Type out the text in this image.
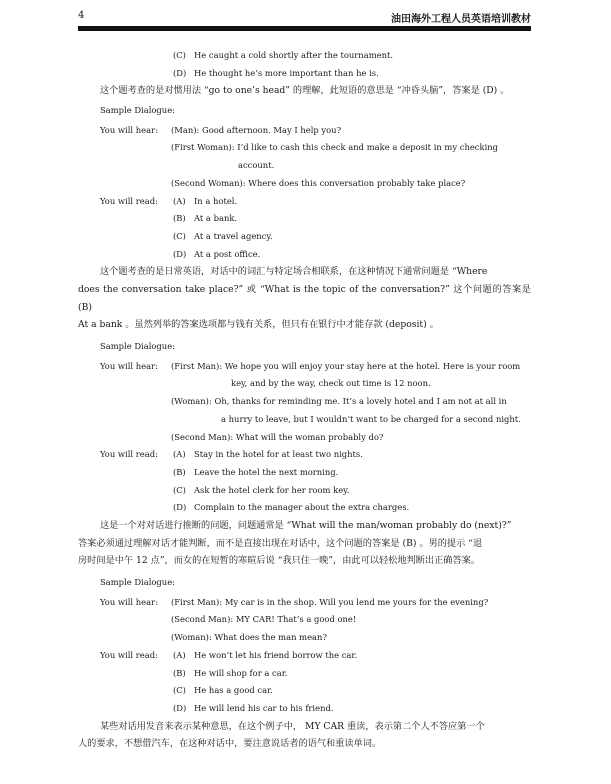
4	油田海外工程人员英语培训教材
(C) He caught a cold shortly after the tournament.
(D) He thought he’s more important than he is.

这个题考查的是对惯用法 “go to one’s head” 的理解，此短语的意思是 “冲昏头脑”，答案是 (D) 。

Sample Dialogue:
You will hear: (Man): Good afternoon. May I help you?
(First Woman): I’d like to cash this check and make a deposit in my checking
account.
(Second Woman): Where does this conversation probably take place?
You will read: (A) In a hotel.
(B) At a bank.
(C) At a travel agency.
(D) At a post office.

这个题考查的是日常英语，对话中的词汇与特定场合相联系，在这种情况下通常问题是 “Where

does the conversation take place?” 或 “What is the topic of the conversation?” 这个问题的答案是 (B)

At a bank 。虽然列举的答案选项都与钱有关系，但只有在银行中才能存款 (deposit) 。

Sample Dialogue:
You will hear: (First Man): We hope you will enjoy your stay here at the hotel. Here is your room
key, and by the way, check out time is 12 noon.
(Woman): Oh, thanks for reminding me. It’s a lovely hotel and I am not at all in
a hurry to leave, but I wouldn’t want to be charged for a second night.
(Second Man): What will the woman probably do?
You will read: (A) Stay in the hotel for at least two nights.
(B) Leave the hotel the next morning.
(C) Ask the hotel clerk for her room key.
(D) Complain to the manager about the extra charges.

这是一个对对话进行推断的问题，问题通常是 “What will the man/woman probably do (next)?”

答案必须通过理解对话才能判断，而不是直接出现在对话中，这个问题的答案是 (B) 。男的提示 “退

房时间是中午 12 点”，而女的在短暂的寒暄后说 “我只住一晚”，由此可以轻松地判断出正确答案。

Sample Dialogue:
You will hear: (First Man): My car is in the shop. Will you lend me yours for the evening?
(Second Man): MY CAR! That’s a good one!
(Woman): What does the man mean?
You will read: (A) He won’t let his friend borrow the car.
(B) He will shop for a car.
(C) He has a good car.
(D) He will lend his car to his friend.

某些对话用发音来表示某种意思，在这个例子中， MY CAR 重读，表示第二个人不答应第一个

人的要求，不想借汽车，在这种对话中，要注意说话者的语气和重读单词。
